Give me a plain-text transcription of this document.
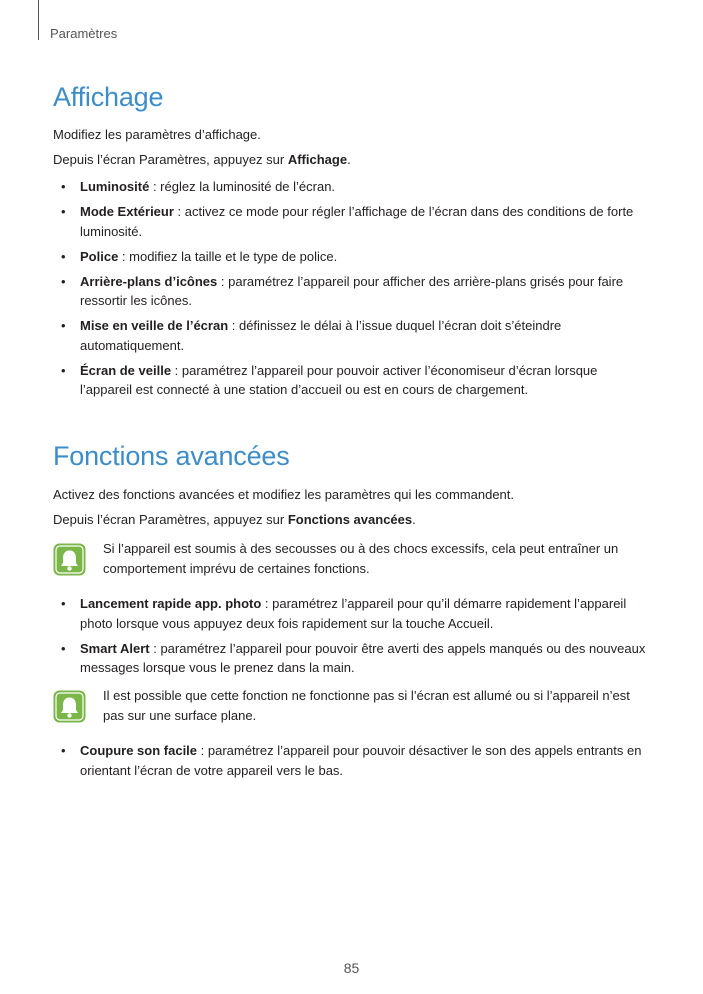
Paramètres
Affichage

Modifiez les paramètres d’affichage.

Depuis l’écran Paramètres, appuyez sur Affichage.

• Luminosité : réglez la luminosité de l’écran.
• Mode Extérieur : activez ce mode pour régler l’affichage de l’écran dans des conditions de forte luminosité.
• Police : modifiez la taille et le type de police.
• Arrière-plans d’icônes : paramétrez l’appareil pour afficher des arrière-plans grisés pour faire ressortir les icônes.
• Mise en veille de l’écran : définissez le délai à l’issue duquel l’écran doit s’éteindre automatiquement.
• Écran de veille : paramétrez l’appareil pour pouvoir activer l’économiseur d’écran lorsque l’appareil est connecté à une station d’accueil ou est en cours de chargement.
Fonctions avancées

Activez des fonctions avancées et modifiez les paramètres qui les commandent.

Depuis l’écran Paramètres, appuyez sur Fonctions avancées.

Si l’appareil est soumis à des secousses ou à des chocs excessifs, cela peut entraîner un comportement imprévu de certaines fonctions.
• Lancement rapide app. photo : paramétrez l’appareil pour qu’il démarre rapidement l’appareil photo lorsque vous appuyez deux fois rapidement sur la touche Accueil.
• Smart Alert : paramétrez l’appareil pour pouvoir être averti des appels manqués ou des nouveaux messages lorsque vous le prenez dans la main.
Il est possible que cette fonction ne fonctionne pas si l’écran est allumé ou si l’appareil n’est pas sur une surface plane.
• Coupure son facile : paramétrez l’appareil pour pouvoir désactiver le son des appels entrants en orientant l’écran de votre appareil vers le bas.
85
